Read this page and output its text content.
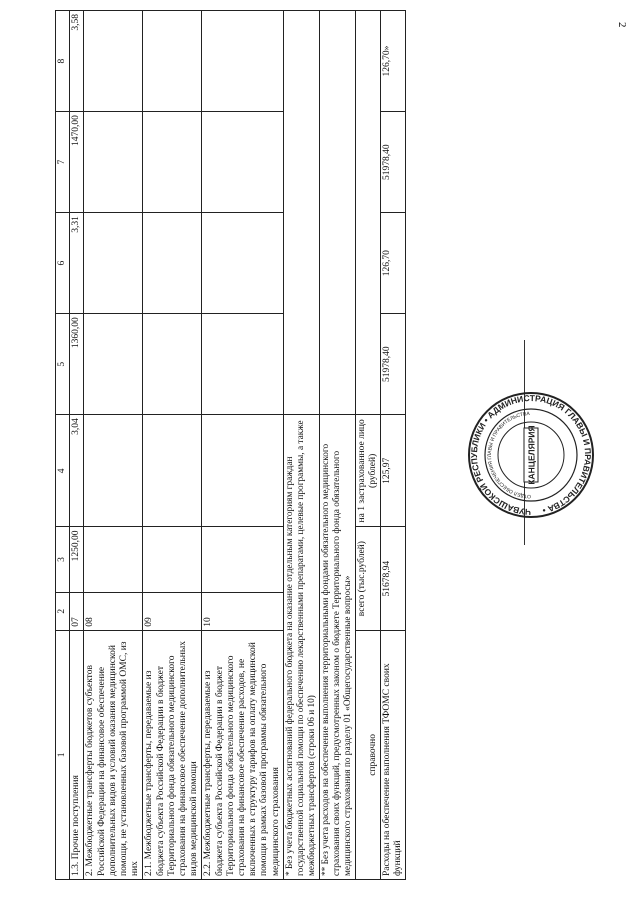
2
1	2	3	4	5	6	7	8
1.3. Прочие поступления	07	1250,00	3,04	1360,00	3,31	1470,00	3,58
2. Межбюджетные трансферты бюджетов субъектов Российской Федерации на финансовое обеспечение дополнительных видов и условий оказания медицинской помощи, не установленных базовой программой ОМС, из них	08						
2.1. Межбюджетные трансферты, передаваемые из бюджета субъекта Российской Федерации в бюджет Территориального фонда обязательного медицинского страхования на финансовое обеспечение дополнительных видов медицинской помощи	09						
2.2. Межбюджетные трансферты, передаваемые из бюджета субъекта Российской Федерации в бюджет Территориального фонда обязательного медицинского страхования на финансовое обеспечение расходов, не включенных в структуру тарифов на оплату медицинской помощи в рамках базовой программы обязательного медицинского страхования	10						
* Без учета бюджетных ассигнований федерального бюджета на оказание отдельным категориям граждан государственной социальной помощи по обеспечению лекарственными препаратами, целевые программы, а также межбюджетных трансфертов (строки 06 и 10)							
** Без учета расходов на обеспечение выполнения территориальными фондами обязательного медицинского страхования своих функций, предусмотренных законом о бюджете Территориального фонда обязательного медицинского страхования по разделу 01 «Общегосударственные вопросы»							
справочно	всего (тыс.рублей)		на 1 застрахованное лицо (рублей)				
Расходы на обеспечение выполнения ТФОМС своих функций	51678,94		125,97	51978,40	126,70	51978,40	126,70»
ЧУВАШСКОЙ РЕСПУБЛИКИ • АДМИНИСТРАЦИЯ ГЛАВЫ И ПРАВИТЕЛЬСТВА •
ОТДЕЛ ОБЕСПЕЧЕНИЯ ГЛАВЫ И ПРАВИТЕЛЬСТВА
КАНЦЕЛЯРИЯ
